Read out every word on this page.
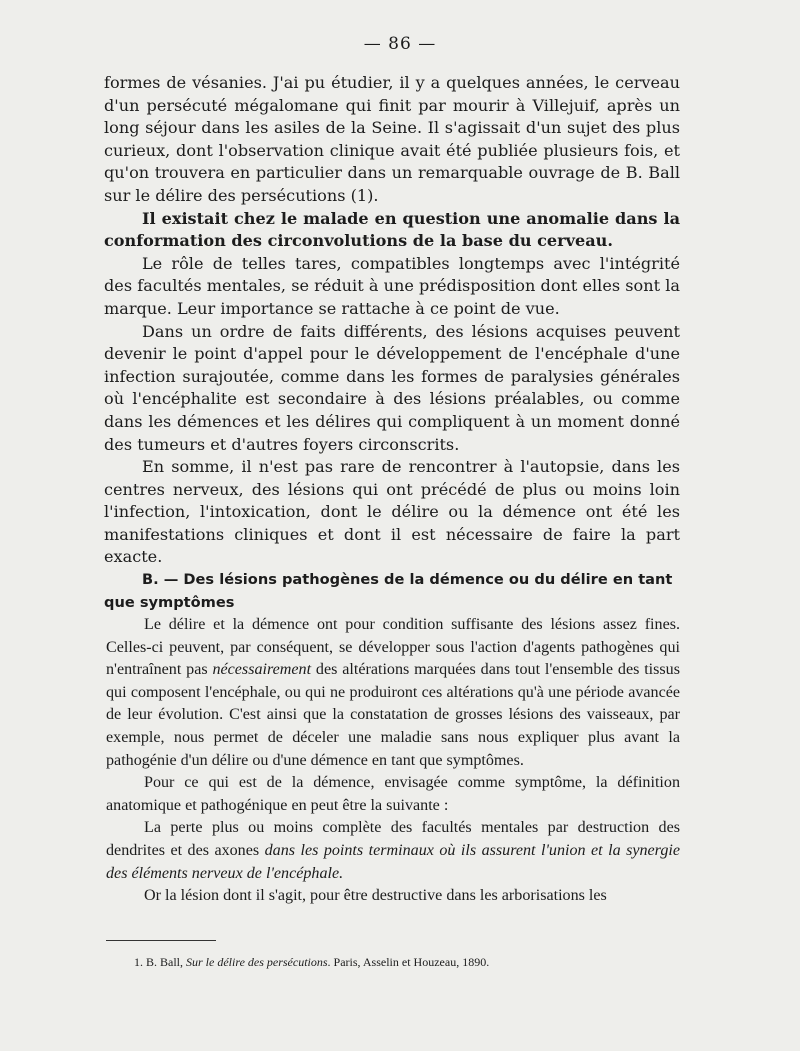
— 86 —

formes de vésanies. J'ai pu étudier, il y a quelques années, le cerveau d'un persécuté mégalomane qui finit par mourir à Villejuif, après un long séjour dans les asiles de la Seine. Il s'agissait d'un sujet des plus curieux, dont l'observation clinique avait été publiée plusieurs fois, et qu'on trouvera en particulier dans un remarquable ouvrage de B. Ball sur le délire des persécutions (1).

Il existait chez le malade en question une anomalie dans la conformation des circonvolutions de la base du cerveau.

Le rôle de telles tares, compatibles longtemps avec l'intégrité des facultés mentales, se réduit à une prédisposition dont elles sont la marque. Leur importance se rattache à ce point de vue.

Dans un ordre de faits différents, des lésions acquises peuvent devenir le point d'appel pour le développement de l'encéphale d'une infection surajoutée, comme dans les formes de paralysies générales où l'encéphalite est secondaire à des lésions préalables, ou comme dans les démences et les délires qui compliquent à un moment donné des tumeurs et d'autres foyers circonscrits.

En somme, il n'est pas rare de rencontrer à l'autopsie, dans les centres nerveux, des lésions qui ont précédé de plus ou moins loin l'infection, l'intoxication, dont le délire ou la démence ont été les manifestations cliniques et dont il est nécessaire de faire la part exacte.

B. — Des lésions pathogènes de la démence ou du délire en tant que symptômes

Le délire et la démence ont pour condition suffisante des lésions assez fines. Celles-ci peuvent, par conséquent, se développer sous l'action d'agents pathogènes qui n'entraînent pas nécessairement des altérations marquées dans tout l'ensemble des tissus qui composent l'encéphale, ou qui ne produiront ces altérations qu'à une période avancée de leur évolution. C'est ainsi que la constatation de grosses lésions des vaisseaux, par exemple, nous permet de déceler une maladie sans nous expliquer plus avant la pathogénie d'un délire ou d'une démence en tant que symptômes.

Pour ce qui est de la démence, envisagée comme symptôme, la définition anatomique et pathogénique en peut être la suivante :

La perte plus ou moins complète des facultés mentales par destruction des dendrites et des axones dans les points terminaux où ils assurent l'union et la synergie des éléments nerveux de l'encéphale.

Or la lésion dont il s'agit, pour être destructive dans les arborisations les

1. B. Ball, Sur le délire des persécutions. Paris, Asselin et Houzeau, 1890.
